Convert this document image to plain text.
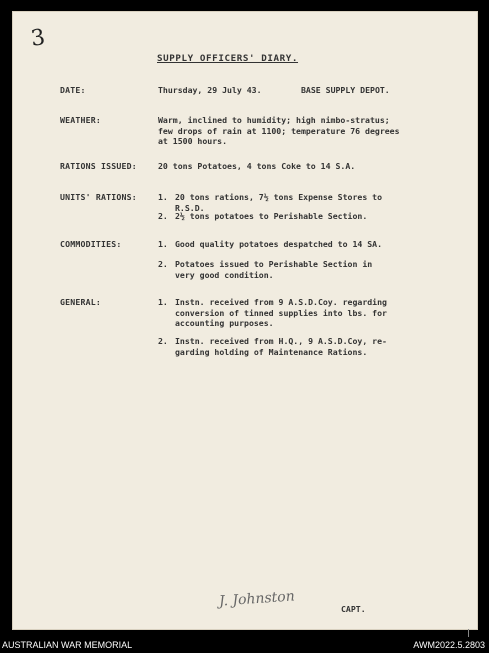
3
SUPPLY OFFICERS' DIARY.
DATE:	Thursday, 29 July 43.	BASE SUPPLY DEPOT.
WEATHER:	Warm, inclined to humidity; high nimbo-stratus;
few drops of rain at 1100; temperature 76 degrees
at 1500 hours.
RATIONS ISSUED:	20 tons Potatoes, 4 tons Coke to 14 S.A.
UNITS' RATIONS:	1. 20 tons rations, 7½ tons Expense Stores to
R.S.D.
2. 2½ tons potatoes to Perishable Section.
COMMODITIES:	1. Good quality potatoes despatched to 14 SA.
2. Potatoes issued to Perishable Section in
very good condition.
GENERAL:	1. Instn. received from 9 A.S.D.Coy. regarding
conversion of tinned supplies into lbs. for
accounting purposes.
2. Instn. received from H.Q., 9 A.S.D.Coy, re-
garding holding of Maintenance Rations.
J. Johnston	CAPT.
AUSTRALIAN WAR MEMORIAL	AWM2022.5.2803
